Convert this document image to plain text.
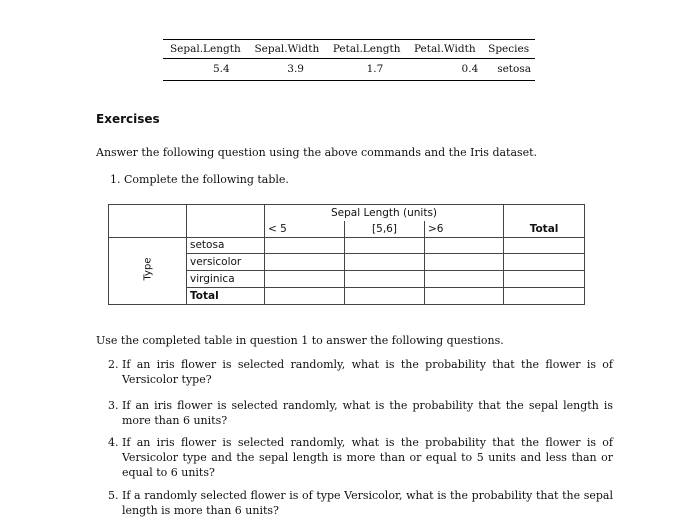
Sepal.Length	Sepal.Width	Petal.Length	Petal.Width	Species
5.4	3.9	1.7	0.4	setosa
Exercises
Answer the following question using the above commands and the Iris dataset.
1. Complete the following table.
		Sepal Length (units)			
		< 5	[5,6]	>6	Total

Type	setosa				
	versicolor				
	virginica				
	Total				
Use the completed table in question 1 to answer the following questions.
2. If an iris flower is selected randomly, what is the probability that the flower is of Versicolor type?
3. If an iris flower is selected randomly, what is the probability that the sepal length is more than 6 units?
4. If an iris flower is selected randomly, what is the probability that the flower is of Versicolor type and the sepal length is more than or equal to 5 units and less than or equal to 6 units?
5. If a randomly selected flower is of type Versicolor, what is the probability that the sepal length is more than 6 units?
